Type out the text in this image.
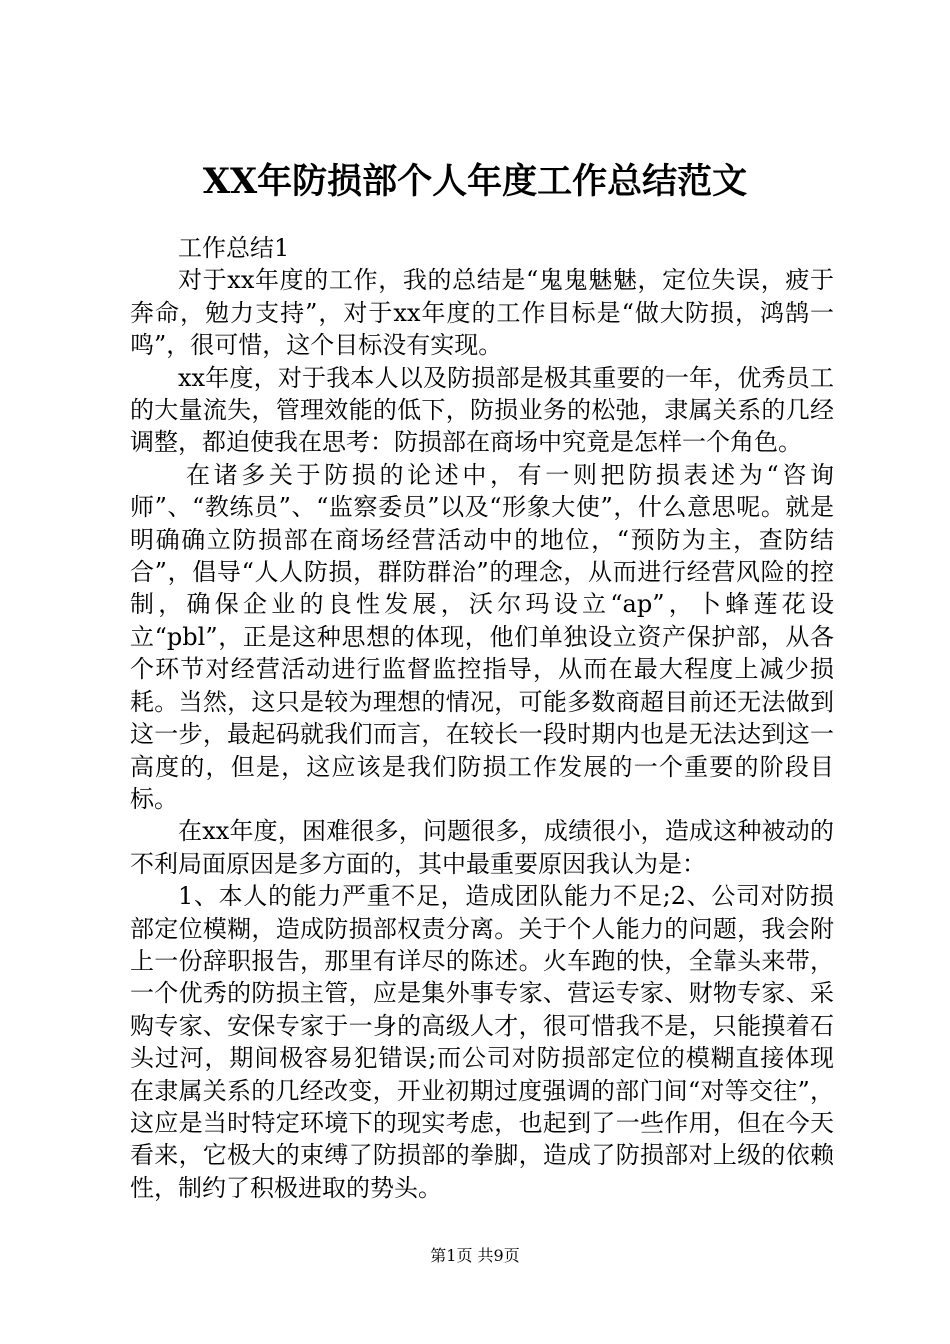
XX年防损部个人年度工作总结范文

工作总结1

对于xx年度的工作，我的总结是“鬼鬼魅魅，定位失误，疲于奔命，勉力支持”，对于xx年度的工作目标是“做大防损，鸿鹄一鸣”，很可惜，这个目标没有实现。

xx年度，对于我本人以及防损部是极其重要的一年，优秀员工的大量流失，管理效能的低下，防损业务的松弛，隶属关系的几经调整，都迫使我在思考：防损部在商场中究竟是怎样一个角色。

在诸多关于防损的论述中，有一则把防损表述为“咨询师”、“教练员”、“监察委员”以及“形象大使”，什么意思呢。就是明确确立防损部在商场经营活动中的地位，“预防为主，查防结合”，倡导“人人防损，群防群治”的理念，从而进行经营风险的控制，确保企业的良性发展，沃尔玛设立“ap”，卜蜂莲花设立“pbl”，正是这种思想的体现，他们单独设立资产保护部，从各个环节对经营活动进行监督监控指导，从而在最大程度上减少损耗。当然，这只是较为理想的情况，可能多数商超目前还无法做到这一步，最起码就我们而言，在较长一段时期内也是无法达到这一高度的，但是，这应该是我们防损工作发展的一个重要的阶段目标。

在xx年度，困难很多，问题很多，成绩很小，造成这种被动的不利局面原因是多方面的，其中最重要原因我认为是：

1、本人的能力严重不足，造成团队能力不足;2、公司对防损部定位模糊，造成防损部权责分离。关于个人能力的问题，我会附上一份辞职报告，那里有详尽的陈述。火车跑的快，全靠头来带，一个优秀的防损主管，应是集外事专家、营运专家、财物专家、采购专家、安保专家于一身的高级人才，很可惜我不是，只能摸着石头过河，期间极容易犯错误;而公司对防损部定位的模糊直接体现在隶属关系的几经改变，开业初期过度强调的部门间“对等交往”，这应是当时特定环境下的现实考虑，也起到了一些作用，但在今天看来，它极大的束缚了防损部的拳脚，造成了防损部对上级的依赖性，制约了积极进取的势头。

第1页 共9页
